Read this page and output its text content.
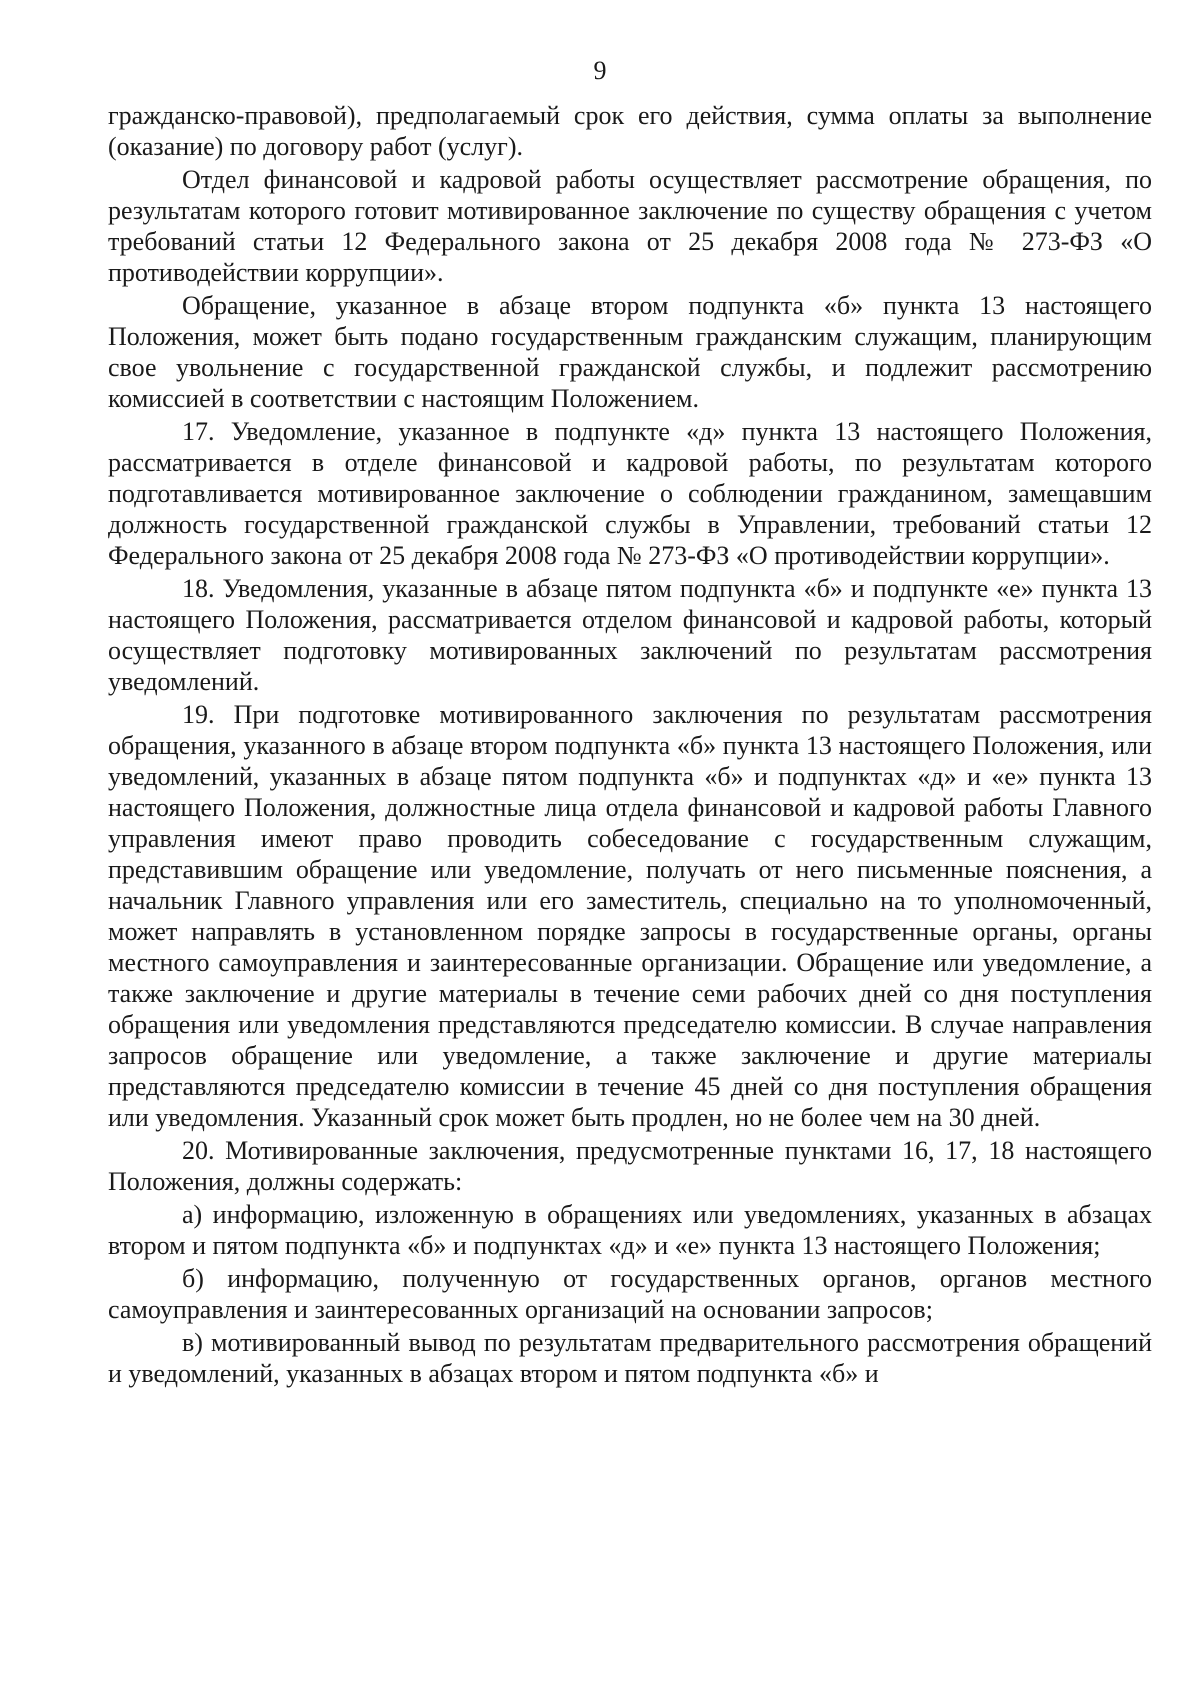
9

гражданско-правовой), предполагаемый срок его действия, сумма оплаты за выполнение (оказание) по договору работ (услуг).

Отдел финансовой и кадровой работы осуществляет рассмотрение обращения, по результатам которого готовит мотивированное заключение по существу обращения с учетом требований статьи 12 Федерального закона от 25 декабря 2008 года № 273-ФЗ «О противодействии коррупции».

Обращение, указанное в абзаце втором подпункта «б» пункта 13 настоящего Положения, может быть подано государственным гражданским служащим, планирующим свое увольнение с государственной гражданской службы, и подлежит рассмотрению комиссией в соответствии с настоящим Положением.

17. Уведомление, указанное в подпункте «д» пункта 13 настоящего Положения, рассматривается в отделе финансовой и кадровой работы, по результатам которого подготавливается мотивированное заключение о соблюдении гражданином, замещавшим должность государственной гражданской службы в Управлении, требований статьи 12 Федерального закона от 25 декабря 2008 года № 273-ФЗ «О противодействии коррупции».

18. Уведомления, указанные в абзаце пятом подпункта «б» и подпункте «е» пункта 13 настоящего Положения, рассматривается отделом финансовой и кадровой работы, который осуществляет подготовку мотивированных заключений по результатам рассмотрения уведомлений.

19. При подготовке мотивированного заключения по результатам рассмотрения обращения, указанного в абзаце втором подпункта «б» пункта 13 настоящего Положения, или уведомлений, указанных в абзаце пятом подпункта «б» и подпунктах «д» и «е» пункта 13 настоящего Положения, должностные лица отдела финансовой и кадровой работы Главного управления имеют право проводить собеседование с государственным служащим, представившим обращение или уведомление, получать от него письменные пояснения, а начальник Главного управления или его заместитель, специально на то уполномоченный, может направлять в установленном порядке запросы в государственные органы, органы местного самоуправления и заинтересованные организации. Обращение или уведомление, а также заключение и другие материалы в течение семи рабочих дней со дня поступления обращения или уведомления представляются председателю комиссии. В случае направления запросов обращение или уведомление, а также заключение и другие материалы представляются председателю комиссии в течение 45 дней со дня поступления обращения или уведомления. Указанный срок может быть продлен, но не более чем на 30 дней.

20. Мотивированные заключения, предусмотренные пунктами 16, 17, 18 настоящего Положения, должны содержать:

а) информацию, изложенную в обращениях или уведомлениях, указанных в абзацах втором и пятом подпункта «б» и подпунктах «д» и «е» пункта 13 настоящего Положения;

б) информацию, полученную от государственных органов, органов местного самоуправления и заинтересованных организаций на основании запросов;

в) мотивированный вывод по результатам предварительного рассмотрения обращений и уведомлений, указанных в абзацах втором и пятом подпункта «б» и
